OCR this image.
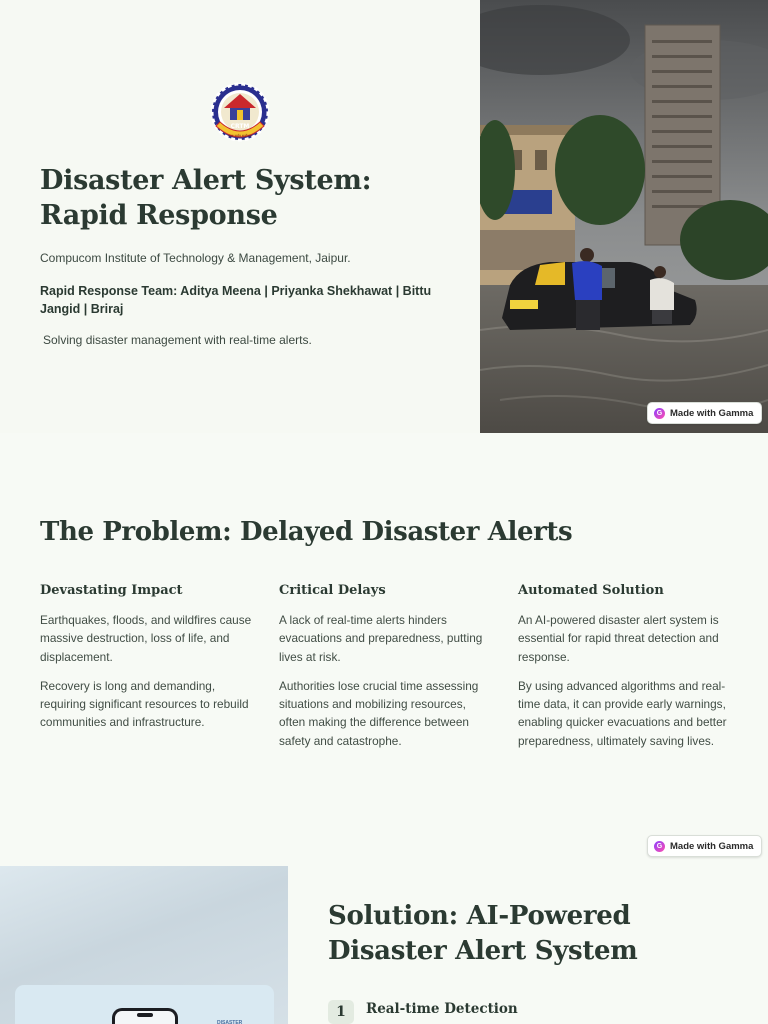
CRTM
सदा सर्वत्र सर्वोत्तम
Disaster Alert System: Rapid Response

Compucom Institute of Technology & Management, Jaipur.

Rapid Response Team: Aditya Meena | Priyanka Shekhawat | Bittu Jangid | Briraj

Solving disaster management with real-time alerts.

G Made with Gamma
The Problem: Delayed Disaster Alerts
Devastating Impact

Earthquakes, floods, and wildfires cause massive destruction, loss of life, and displacement.

Recovery is long and demanding, requiring significant resources to rebuild communities and infrastructure.

Critical Delays

A lack of real-time alerts hinders evacuations and preparedness, putting lives at risk.

Authorities lose crucial time assessing situations and mobilizing resources, often making the difference between safety and catastrophe.

Automated Solution

An AI-powered disaster alert system is essential for rapid threat detection and response.

By using advanced algorithms and real-time data, it can provide early warnings, enabling quicker evacuations and better preparedness, ultimately saving lives.

G Made with Gamma
DISASTER
Solution: AI-Powered Disaster Alert System
1	Real-time Detection
